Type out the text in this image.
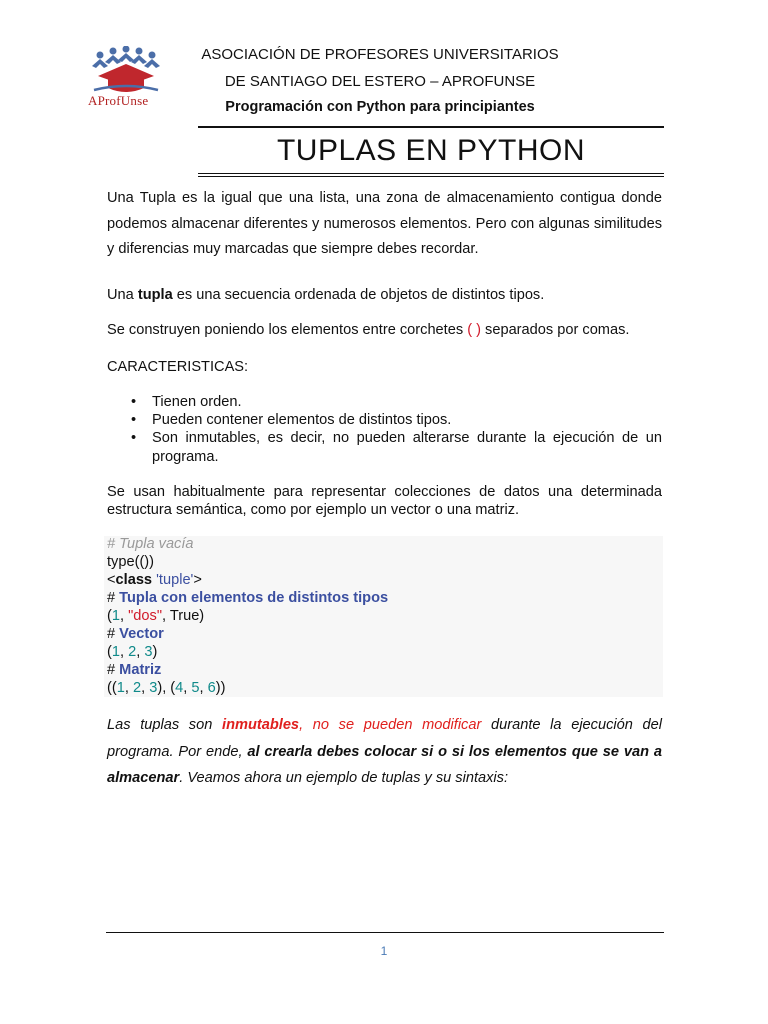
AProfUnse
ASOCIACIÓN DE PROFESORES UNIVERSITARIOS
DE SANTIAGO DEL ESTERO – APROFUNSE
Programación con Python para principiantes
TUPLAS EN PYTHON
Una Tupla es la igual que una lista, una zona de almacenamiento contigua donde podemos almacenar diferentes y numerosos elementos. Pero con algunas similitudes y diferencias muy marcadas que siempre debes recordar.
Una tupla es una secuencia ordenada de objetos de distintos tipos.
Se construyen poniendo los elementos entre corchetes ( ) separados por comas.
CARACTERISTICAS:
• Tienen orden.
• Pueden contener elementos de distintos tipos.
• Son inmutables, es decir, no pueden alterarse durante la ejecución de un programa.
Se usan habitualmente para representar colecciones de datos una determinada estructura semántica, como por ejemplo un vector o una matriz.
# Tupla vacía
type(())
<class 'tuple'>
# Tupla con elementos de distintos tipos
(1, "dos", True)
# Vector
(1, 2, 3)
# Matriz
((1, 2, 3), (4, 5, 6))
Las tuplas son inmutables, no se pueden modificar durante la ejecución del programa. Por ende, al crearla debes colocar si o si los elementos que se van a almacenar. Veamos ahora un ejemplo de tuplas y su sintaxis:
1
